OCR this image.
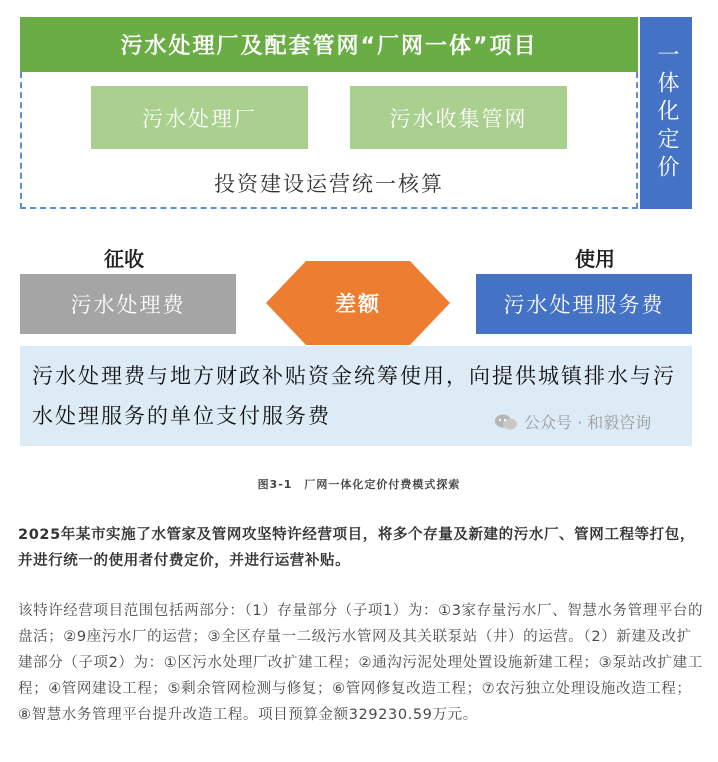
污水处理厂及配套管网“厂网一体”项目
污水处理厂	污水收集管网
投资建设运营统一核算
一体化定价
征收	使用
污水处理费	差额	污水处理服务费
污水处理费与地方财政补贴资金统筹使用，向提供城镇排水与污水处理服务的单位支付服务费	公众号 · 和毅咨询
图3-1　厂网一体化定价付费模式探索
2025年某市实施了水管家及管网攻坚特许经营项目，将多个存量及新建的污水厂、管网工程等打包，并进行统一的使用者付费定价，并进行运营补贴。
该特许经营项目范围包括两部分：（1）存量部分（子项1）为：①3家存量污水厂、智慧水务管理平台的盘活；②9座污水厂的运营；③全区存量一二级污水管网及其关联泵站（井）的运营。（2）新建及改扩建部分（子项2）为：①区污水处理厂改扩建工程；②通沟污泥处理处置设施新建工程；③泵站改扩建工程；④管网建设工程；⑤剩余管网检测与修复；⑥管网修复改造工程；⑦农污独立处理设施改造工程；⑧智慧水务管理平台提升改造工程。项目预算金额329230.59万元。
